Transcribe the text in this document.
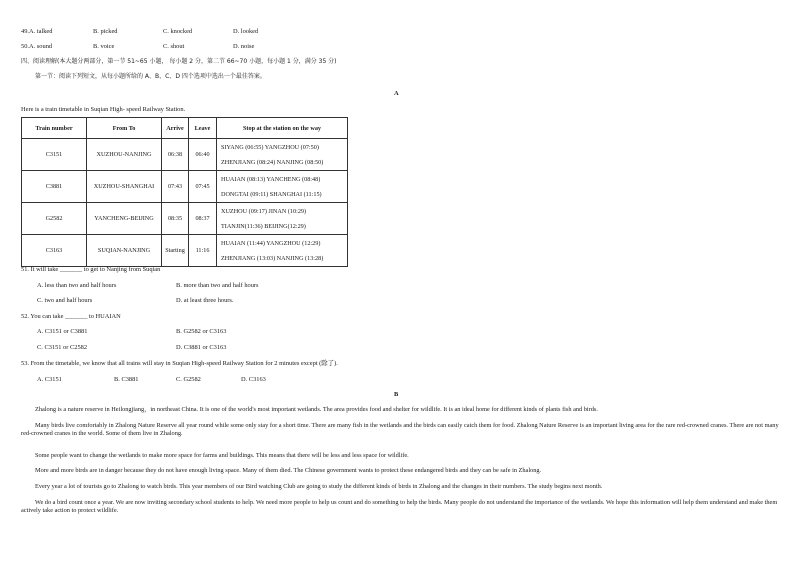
49.A. talked	B. picked	C. knocked	D. looked
50.A. sound	B. voice	C. shout	D. noise
四、阅读理解(本大题分两部分，第一节 51~65 小题， 每小题 2 分，第二节 66~70 小题，每小题 1 分，满分 35 分)
第一节：阅读下列短文，从每小题所给的 A、B、C、D 四个选项中选出一个最佳答案。
A
Here is a train timetable in Suqian High- speed Railway Station.
Train number	From To	Arrive	Leave	Stop at the station on the way
C3151	XUZHOU-NANJING	06:38	06:40	SIYANG (06:55) YANGZHOU (07:50)
ZHENJIANG (08:24) NANJING (08:50)

C3881	XUZHOU-SHANGHAI	07:43	07:45	HUAIAN (08:13) YANCHENG (08:48)
DONGTAI (09:11) SHANGHAI (11:15)

G2582	YANCHENG-BEIJING	08:35	08:37	XUZHOU (09:17) JINAN (10:29)
TIANJIN(11:36) BEIJING(12:29)

C3163	SUQIAN-NANJING	Starting	11:16	HUAIAN (11:44) YANGZHOU (12:29)
ZHENJIANG (13:03) NANJING (13:28)
51. It will take _______ to get to Nanjing from Suqian
A. less than two and half hours	B. more than two and half hours
C. two and half hours	D. at least three hours.
52. You can take _______ to HUAIAN
A. C3151 or C3881	B. G2582 or C3163
C. C3151 or C2582	D. C3881 or C3163
53. From the timetable, we know that all trains will stay in Suqian High-speed Railway Station for 2 minutes except (除了).
A. C3151	B. C3881	C. G2582	D. C3163
B
Zhalong is a nature reserve in Heilongjiang，in northeast China. It is one of the world's most important wetlands. The area provides food and shelter for wildlife. It is an ideal home for different kinds of plants fish and birds.
Many birds live comfortably in Zhalong Nature Reserve all year round while some only stay for a short time. There are many fish in the wetlands and the birds can easily catch them for food. Zhalong Nature Reserve is an important living area for the rare red-crowned cranes. There are not many red-crowned cranes in the world. Some of them live in Zhalong.
Some people want to change the wetlands to make more space for farms and buildings. This means that there will be less and less space for wildlife.
More and more birds are in danger because they do not have enough living space. Many of them died. The Chinese government wants to protect these endangered birds and they can be safe in Zhalong.
Every year a lot of tourists go to Zhalong to watch birds. This year members of our Bird watching Club are going to study the different kinds of birds in Zhalong and the changes in their numbers. The study begins next month.
We do a bird count once a year. We are now inviting secondary school students to help. We need more people to help us count and do something to help the birds. Many people do not understand the importance of the wetlands. We hope this information will help them understand and make them actively take action to protect wildlife.
